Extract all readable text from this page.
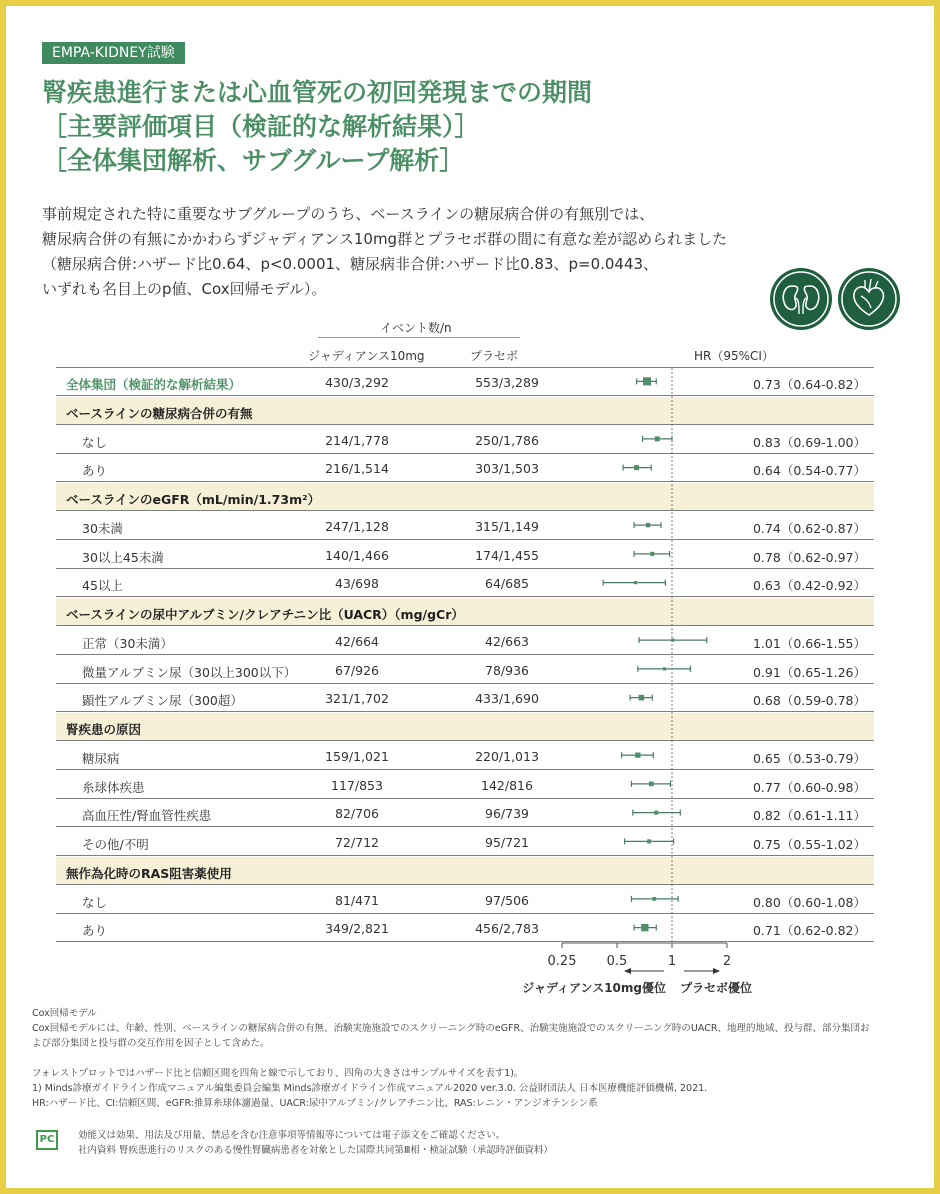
EMPA-KIDNEY試験
腎疾患進行または心血管死の初回発現までの期間
［主要評価項目（検証的な解析結果）］
［全体集団解析、サブグループ解析］
事前規定された特に重要なサブグループのうち、ベースラインの糖尿病合併の有無別では、
糖尿病合併の有無にかかわらずジャディアンス10mg群とプラセボ群の間に有意な差が認められました
（糖尿病合併:ハザード比0.64、p<0.0001、糖尿病非合併:ハザード比0.83、p=0.0443、
いずれも名目上のp値、Cox回帰モデル）。
イベント数/n
ジャディアンス10mg	プラセボ	HR（95%CI）
全体集団（検証的な解析結果）	430/3,292	553/3,289	0.73（0.64-0.82）
ベースラインの糖尿病合併の有無
なし	214/1,778	250/1,786	0.83（0.69-1.00）
あり	216/1,514	303/1,503	0.64（0.54-0.77）
ベースラインのeGFR（mL/min/1.73m²）
30未満	247/1,128	315/1,149	0.74（0.62-0.87）
30以上45未満	140/1,466	174/1,455	0.78（0.62-0.97）
45以上	43/698	64/685	0.63（0.42-0.92）
ベースラインの尿中アルブミン/クレアチニン比（UACR）（mg/gCr）
正常（30未満）	42/664	42/663	1.01（0.66-1.55）
微量アルブミン尿（30以上300以下）	67/926	78/936	0.91（0.65-1.26）
顕性アルブミン尿（300超）	321/1,702	433/1,690	0.68（0.59-0.78）
腎疾患の原因
糖尿病	159/1,021	220/1,013	0.65（0.53-0.79）
糸球体疾患	117/853	142/816	0.77（0.60-0.98）
高血圧性/腎血管性疾患	82/706	96/739	0.82（0.61-1.11）
その他/不明	72/712	95/721	0.75（0.55-1.02）
無作為化時のRAS阻害薬使用
なし	81/471	97/506	0.80（0.60-1.08）
あり	349/2,821	456/2,783	0.71（0.62-0.82）
0.25 0.5	1	2
ジャディアンス10mg優位 プラセボ優位
Cox回帰モデル
Cox回帰モデルには、年齢、性別、ベースラインの糖尿病合併の有無、治験実施施設でのスクリーニング時のeGFR、治験実施施設でのスクリーニング時のUACR、地理的地域、投与群、部分集団お
よび部分集団と投与群の交互作用を因子として含めた。
フォレストプロットではハザード比と信頼区間を四角と線で示しており、四角の大きさはサンプルサイズを表す1)。
1) Minds診療ガイドライン作成マニュアル編集委員会編集 Minds診療ガイドライン作成マニュアル2020 ver.3.0. 公益財団法人 日本医療機能評価機構, 2021.
HR:ハザード比、CI:信頼区間、eGFR:推算糸球体濾過量、UACR:尿中アルブミン/クレアチニン比、RAS:レニン・アンジオテンシン系
PC	効能又は効果、用法及び用量、禁忌を含む注意事項等情報等については電子添文をご確認ください。
社内資料 腎疾患進行のリスクのある慢性腎臓病患者を対象とした国際共同第Ⅲ相・検証試験（承認時評価資料）
